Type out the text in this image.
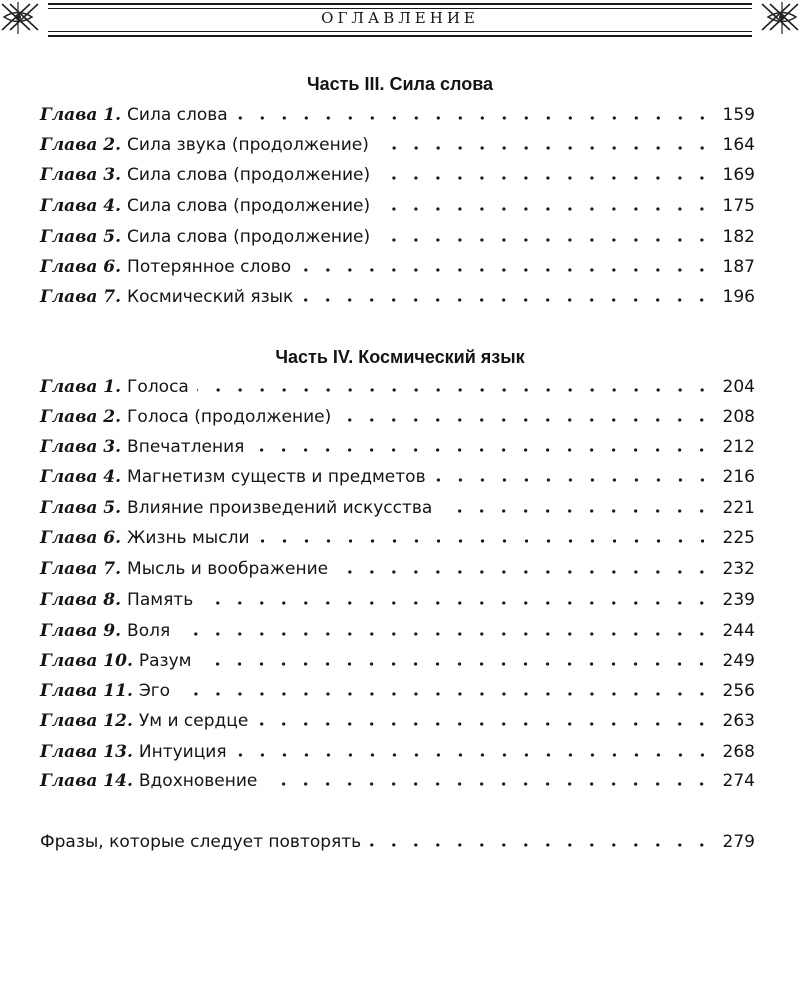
ОГЛАВЛЕНИЕ
Часть III. Сила слова
Глава 1. Сила слова	159
Глава 2. Сила звука (продолжение)	164
Глава 3. Сила слова (продолжение)	169
Глава 4. Сила слова (продолжение)	175
Глава 5. Сила слова (продолжение)	182
Глава 6. Потерянное слово	187
Глава 7. Космический язык	196
Часть IV. Космический язык
Глава 1. Голоса	204
Глава 2. Голоса (продолжение)	208
Глава 3. Впечатления	212
Глава 4. Магнетизм существ и предметов	216
Глава 5. Влияние произведений искусства	221
Глава 6. Жизнь мысли	225
Глава 7. Мысль и воображение	232
Глава 8. Память	239
Глава 9. Воля	244
Глава 10. Разум	249
Глава 11. Эго	256
Глава 12. Ум и сердце	263
Глава 13. Интуиция	268
Глава 14. Вдохновение	274
Фразы, которые следует повторять	279
